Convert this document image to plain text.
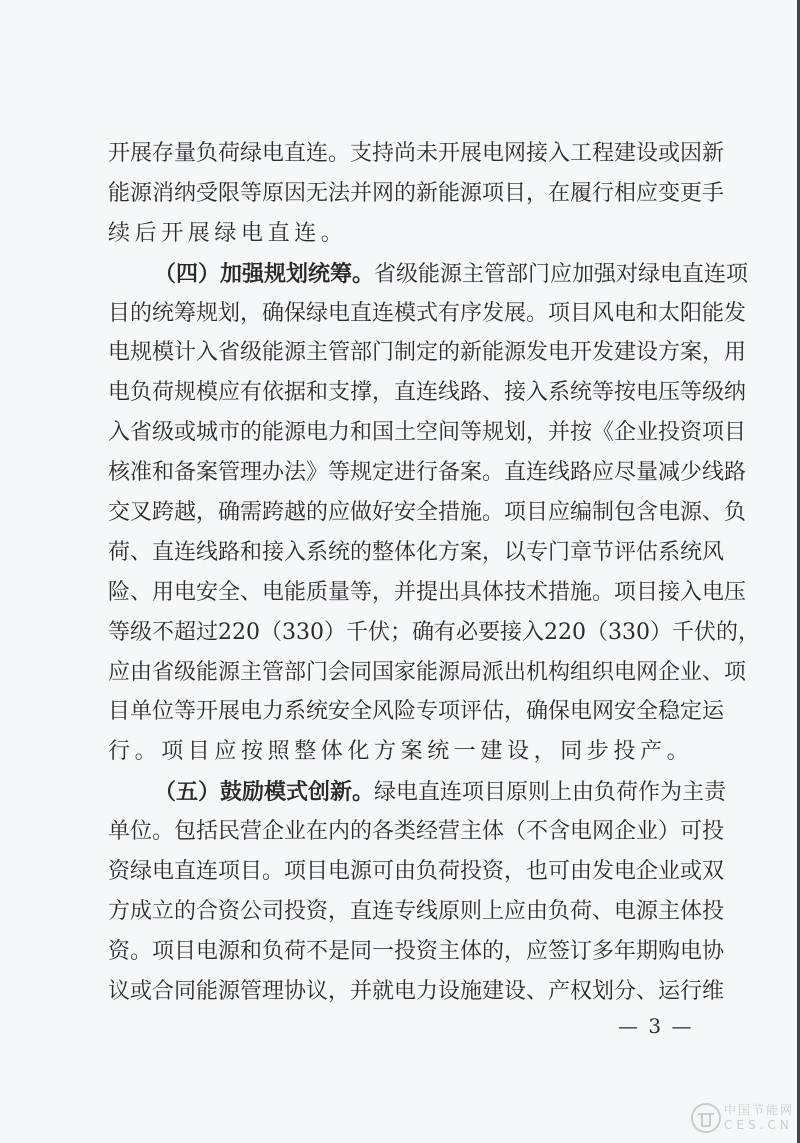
开展存量负荷绿电直连。支持尚未开展电网接入工程建设或因新
能源消纳受限等原因无法并网的新能源项目，在履行相应变更手
续后开展绿电直连。
（四）加强规划统筹。省级能源主管部门应加强对绿电直连项
目的统筹规划，确保绿电直连模式有序发展。项目风电和太阳能发
电规模计入省级能源主管部门制定的新能源发电开发建设方案，用
电负荷规模应有依据和支撑，直连线路、接入系统等按电压等级纳
入省级或城市的能源电力和国土空间等规划，并按《企业投资项目
核准和备案管理办法》等规定进行备案。直连线路应尽量减少线路
交叉跨越，确需跨越的应做好安全措施。项目应编制包含电源、负
荷、直连线路和接入系统的整体化方案，以专门章节评估系统风
险、用电安全、电能质量等，并提出具体技术措施。项目接入电压
等级不超过220（330）千伏；确有必要接入220（330）千伏的，
应由省级能源主管部门会同国家能源局派出机构组织电网企业、项
目单位等开展电力系统安全风险专项评估，确保电网安全稳定运
行。项目应按照整体化方案统一建设，同步投产。
（五）鼓励模式创新。绿电直连项目原则上由负荷作为主责
单位。包括民营企业在内的各类经营主体（不含电网企业）可投
资绿电直连项目。项目电源可由负荷投资，也可由发电企业或双
方成立的合资公司投资，直连专线原则上应由负荷、电源主体投
资。项目电源和负荷不是同一投资主体的，应签订多年期购电协
议或合同能源管理协议，并就电力设施建设、产权划分、运行维
— 3 —
中国节能网
CES.CN
